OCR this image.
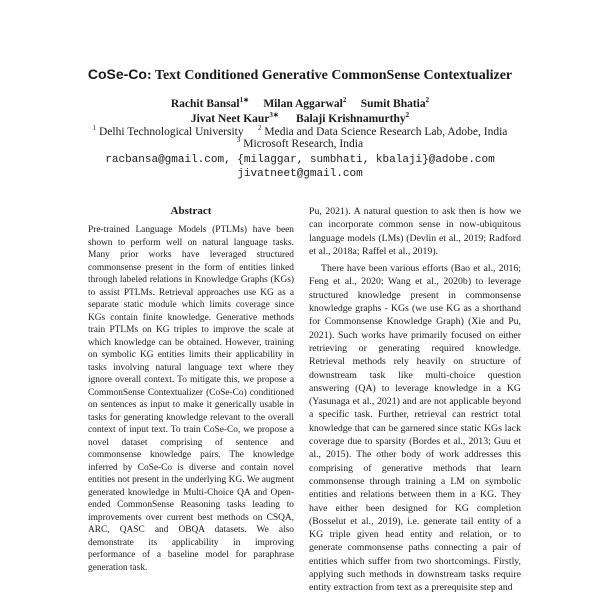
CoSe-Co: Text Conditioned Generative CommonSense Contextualizer
Rachit Bansal$^{1∗}$ Milan Aggarwal$^2$ Sumit Bhatia$^2$
Jivat Neet Kaur$^{3∗}$ Balaji Krishnamurthy$^2$
$^1$ Delhi Technological University $^2$ Media and Data Science Research Lab, Adobe, India
$^3$ Microsoft Research, India
racbansa@gmail.com, {milaggar, sumbhati, kbalaji}@adobe.com
jivatneet@gmail.com
Abstract
Pre-trained Language Models (PTLMs) have been shown to perform well on natural language tasks. Many prior works have leveraged structured commonsense present in the form of entities linked through labeled relations in Knowledge Graphs (KGs) to assist PTLMs. Retrieval approaches use KG as a separate static module which limits coverage since KGs contain finite knowledge. Generative methods train PTLMs on KG triples to improve the scale at which knowledge can be obtained. However, training on symbolic KG entities limits their applicability in tasks involving natural language text where they ignore overall context. To mitigate this, we propose a CommonSense Contextualizer (CoSe-Co) conditioned on sentences as input to make it generically usable in tasks for generating knowledge relevant to the overall context of input text. To train CoSe-Co, we propose a novel dataset comprising of sentence and commonsense knowledge pairs. The knowledge inferred by CoSe-Co is diverse and contain novel entities not present in the underlying KG. We augment generated knowledge in Multi-Choice QA and Open-ended CommonSense Reasoning tasks leading to improvements over current best methods on CSQA, ARC, QASC and OBQA datasets. We also demonstrate its applicability in improving performance of a baseline model for paraphrase generation task.

Pu, 2021). A natural question to ask then is how we can incorporate common sense in now-ubiquitous language models (LMs) (Devlin et al., 2019; Radford et al., 2018a; Raffel et al., 2019).

There have been various efforts (Bao et al., 2016; Feng et al., 2020; Wang et al., 2020b) to leverage structured knowledge present in commonsense knowledge graphs - KGs (we use KG as a shorthand for Commonsense Knowledge Graph) (Xie and Pu, 2021). Such works have primarily focused on either retrieving or generating required knowledge. Retrieval methods rely heavily on structure of downstream task like multi-choice question answering (QA) to leverage knowledge in a KG (Yasunaga et al., 2021) and are not applicable beyond a specific task. Further, retrieval can restrict total knowledge that can be garnered since static KGs lack coverage due to sparsity (Bordes et al., 2013; Guu et al., 2015). The other body of work addresses this comprising of generative methods that learn commonsense through training a LM on symbolic entities and relations between them in a KG. They have either been designed for KG completion (Bosselut et al., 2019), i.e. generate tail entity of a KG triple given head entity and relation, or to generate commonsense paths connecting a pair of entities which suffer from two shortcomings. Firstly, applying such methods in downstream tasks require entity extraction from text as a prerequisite step and
